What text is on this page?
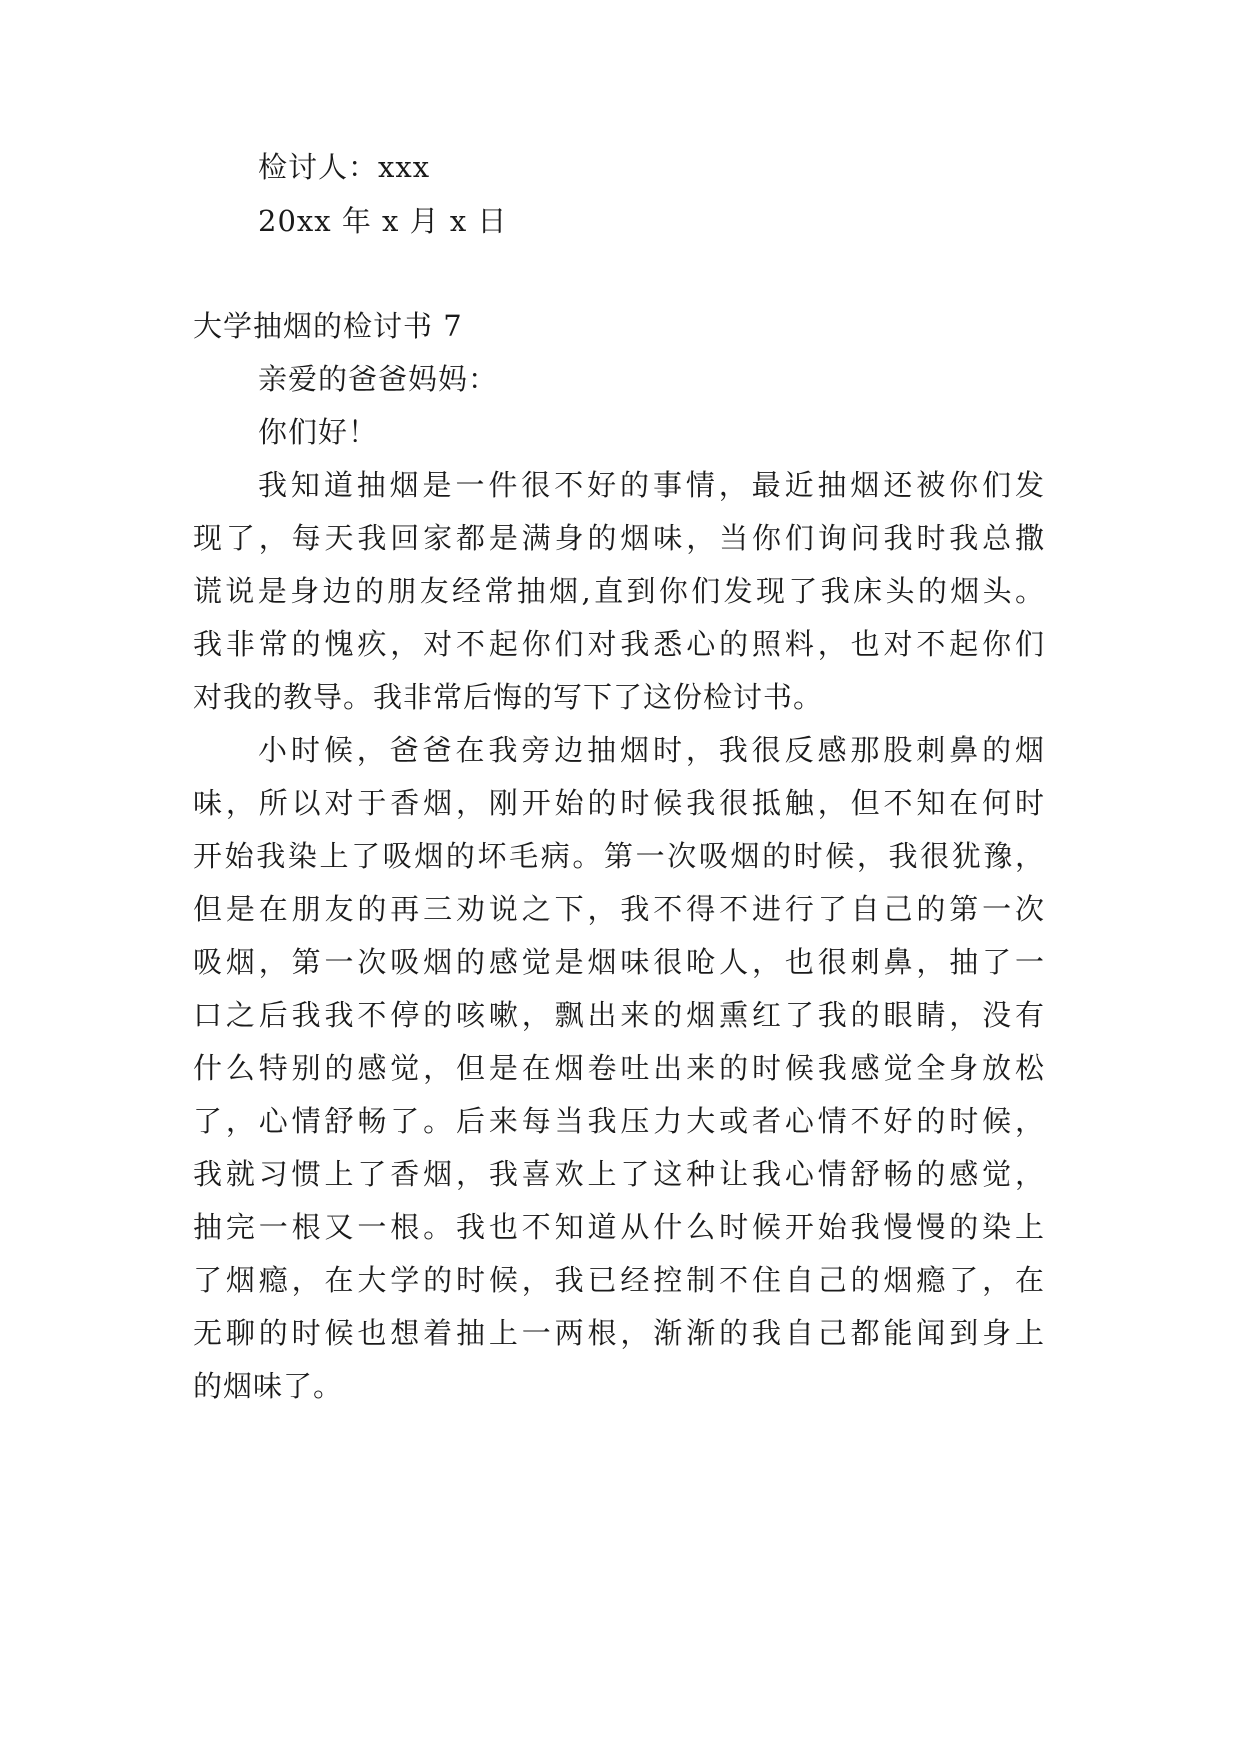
检讨人：xxx
20xx 年 x 月 x 日
大学抽烟的检讨书 7
亲爱的爸爸妈妈：
你们好！
我知道抽烟是一件很不好的事情，最近抽烟还被你们发
现了，每天我回家都是满身的烟味，当你们询问我时我总撒
谎说是身边的朋友经常抽烟,直到你们发现了我床头的烟头。
我非常的愧疚，对不起你们对我悉心的照料，也对不起你们
对我的教导。我非常后悔的写下了这份检讨书。
小时候，爸爸在我旁边抽烟时，我很反感那股刺鼻的烟
味，所以对于香烟，刚开始的时候我很抵触，但不知在何时
开始我染上了吸烟的坏毛病。第一次吸烟的时候，我很犹豫，
但是在朋友的再三劝说之下，我不得不进行了自己的第一次
吸烟，第一次吸烟的感觉是烟味很呛人，也很刺鼻，抽了一
口之后我我不停的咳嗽，飘出来的烟熏红了我的眼睛，没有
什么特别的感觉，但是在烟卷吐出来的时候我感觉全身放松
了，心情舒畅了。后来每当我压力大或者心情不好的时候，
我就习惯上了香烟，我喜欢上了这种让我心情舒畅的感觉，
抽完一根又一根。我也不知道从什么时候开始我慢慢的染上
了烟瘾，在大学的时候，我已经控制不住自己的烟瘾了，在
无聊的时候也想着抽上一两根，渐渐的我自己都能闻到身上
的烟味了。
